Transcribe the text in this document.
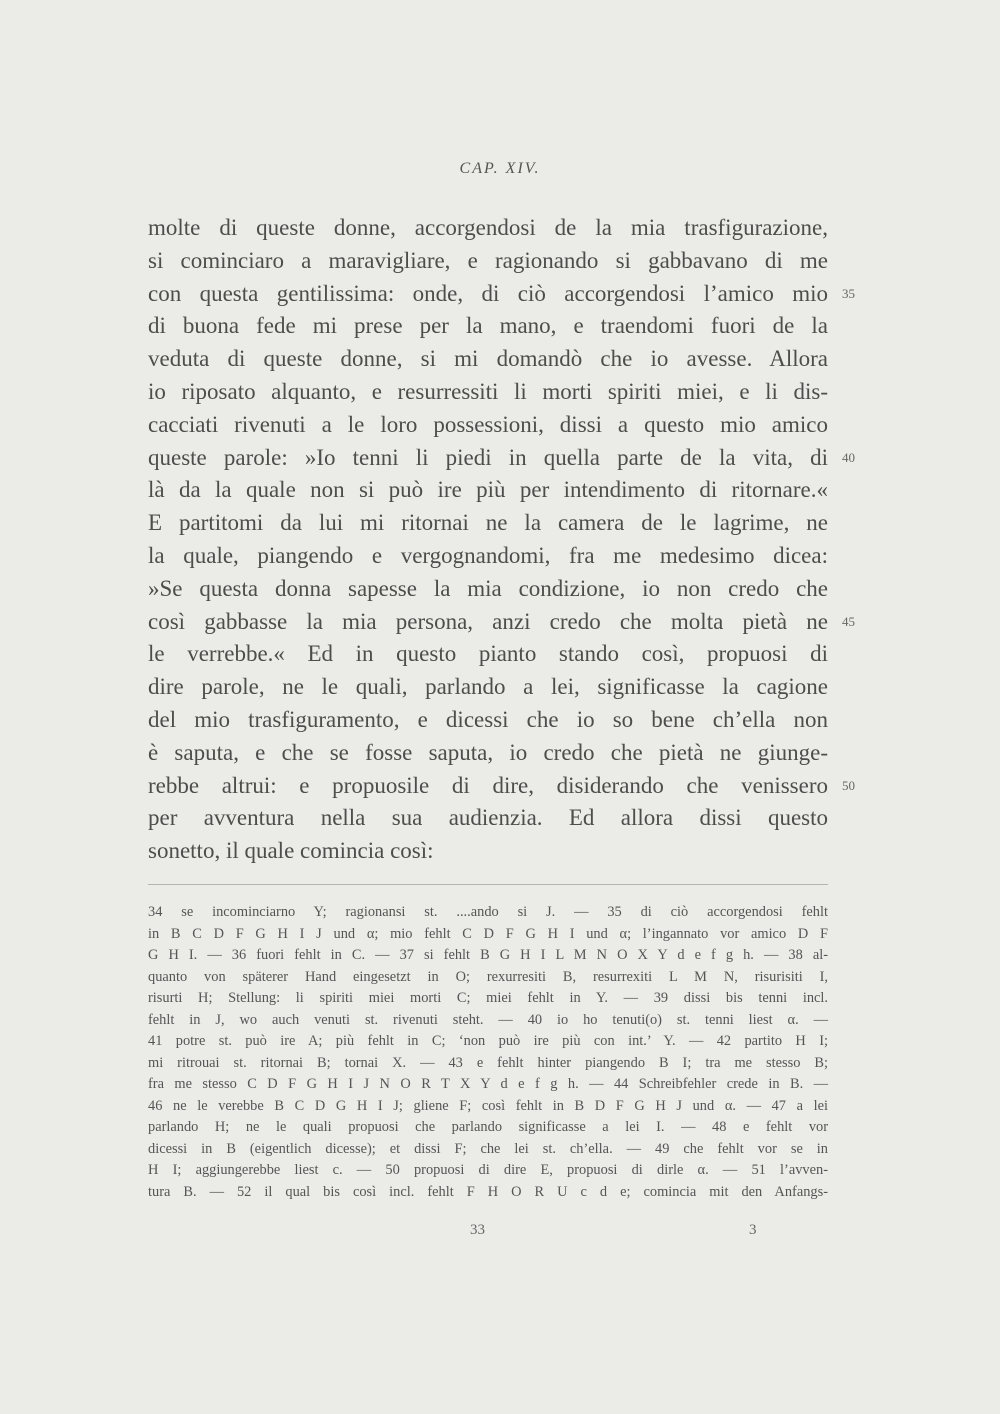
CAP. XIV.
molte di queste donne, accorgendosi de la mia trasfigurazione,
si cominciaro a maravigliare, e ragionando si gabbavano di me
con questa gentilissima: onde, di ciò accorgendosi l’amico mio
di buona fede mi prese per la mano, e traendomi fuori de la
veduta di queste donne, si mi domandò che io avesse. Allora
io riposato alquanto, e resurressiti li morti spiriti miei, e li dis-
cacciati rivenuti a le loro possessioni, dissi a questo mio amico
queste parole: »Io tenni li piedi in quella parte de la vita, di
là da la quale non si può ire più per intendimento di ritornare.«
E partitomi da lui mi ritornai ne la camera de le lagrime, ne
la quale, piangendo e vergognandomi, fra me medesimo dicea:
»Se questa donna sapesse la mia condizione, io non credo che
così gabbasse la mia persona, anzi credo che molta pietà ne
le verrebbe.« Ed in questo pianto stando così, propuosi di
dire parole, ne le quali, parlando a lei, significasse la cagione
del mio trasfiguramento, e dicessi che io so bene ch’ella non
è saputa, e che se fosse saputa, io credo che pietà ne giunge-
rebbe altrui: e propuosile di dire, disiderando che venissero
per avventura nella sua audienzia. Ed allora dissi questo
sonetto, il quale comincia così:
35
40
45
50
34 se incominciarno Y; ragionansi st. ....ando si J. — 35 di ciò accorgendosi fehlt
in B C D F G H I J und α; mio fehlt C D F G H I und α; l’ingannato vor amico D F
G H I. — 36 fuori fehlt in C. — 37 si fehlt B G H I L M N O X Y d e f g h. — 38 al-
quanto von späterer Hand eingesetzt in O; rexurresiti B, resurrexiti L M N, risurisiti I,
risurti H; Stellung: li spiriti miei morti C; miei fehlt in Y. — 39 dissi bis tenni incl.
fehlt in J, wo auch venuti st. rivenuti steht. — 40 io ho tenuti(o) st. tenni liest α. —
41 potre st. può ire A; più fehlt in C; ‘non può ire più con int.’ Y. — 42 partito H I;
mi ritrouai st. ritornai B; tornai X. — 43 e fehlt hinter piangendo B I; tra me stesso B;
fra me stesso C D F G H I J N O R T X Y d e f g h. — 44 Schreibfehler crede in B. —
46 ne le verebbe B C D G H I J; gliene F; così fehlt in B D F G H J und α. — 47 a lei
parlando H; ne le quali propuosi che parlando significasse a lei I. — 48 e fehlt vor
dicessi in B (eigentlich dicesse); et dissi F; che lei st. ch’ella. — 49 che fehlt vor se in
H I; aggiungerebbe liest c. — 50 propuosi di dire E, propuosi di dirle α. — 51 l’avven-
tura B. — 52 il qual bis così incl. fehlt F H O R U c d e; comincia mit den Anfangs-
33	3
